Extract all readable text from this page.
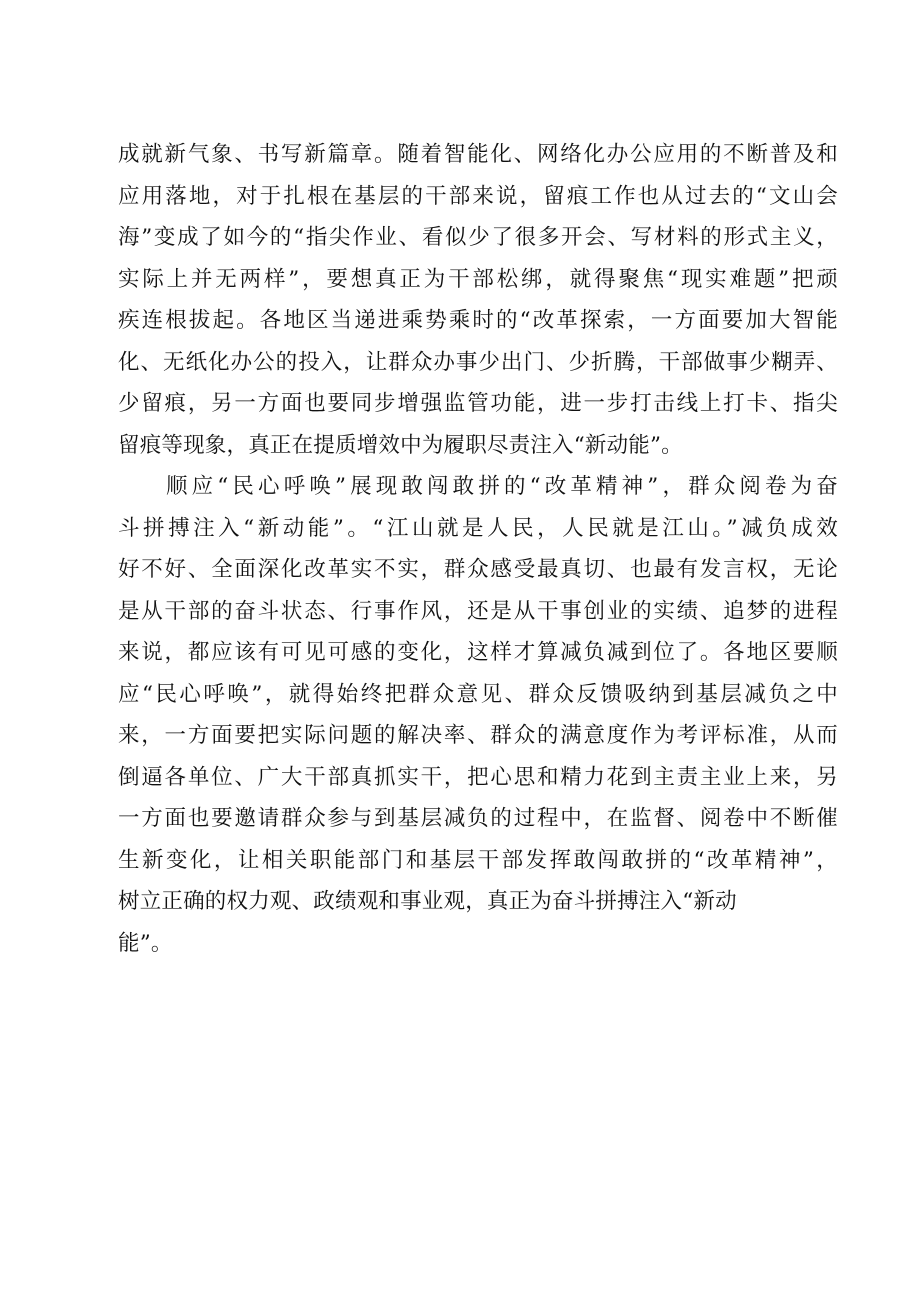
成就新气象、书写新篇章。随着智能化、网络化办公应用的不断普及和
应用落地，对于扎根在基层的干部来说，留痕工作也从过去的“文山会
海”变成了如今的“指尖作业、看似少了很多开会、写材料的形式主义，
实际上并无两样”，要想真正为干部松绑，就得聚焦“现实难题”把顽
疾连根拔起。各地区当递进乘势乘时的“改革探索，一方面要加大智能
化、无纸化办公的投入，让群众办事少出门、少折腾，干部做事少糊弄、
少留痕，另一方面也要同步增强监管功能，进一步打击线上打卡、指尖
留痕等现象，真正在提质增效中为履职尽责注入“新动能”。
顺应“民心呼唤”展现敢闯敢拼的“改革精神”，群众阅卷为奋
斗拼搏注入“新动能”。“江山就是人民，人民就是江山。”减负成效
好不好、全面深化改革实不实，群众感受最真切、也最有发言权，无论
是从干部的奋斗状态、行事作风，还是从干事创业的实绩、追梦的进程
来说，都应该有可见可感的变化，这样才算减负减到位了。各地区要顺
应“民心呼唤”，就得始终把群众意见、群众反馈吸纳到基层减负之中
来，一方面要把实际问题的解决率、群众的满意度作为考评标准，从而
倒逼各单位、广大干部真抓实干，把心思和精力花到主责主业上来，另
一方面也要邀请群众参与到基层减负的过程中，在监督、阅卷中不断催
生新变化，让相关职能部门和基层干部发挥敢闯敢拼的“改革精神”，
树立正确的权力观、政绩观和事业观，真正为奋斗拼搏注入“新动
能”。
